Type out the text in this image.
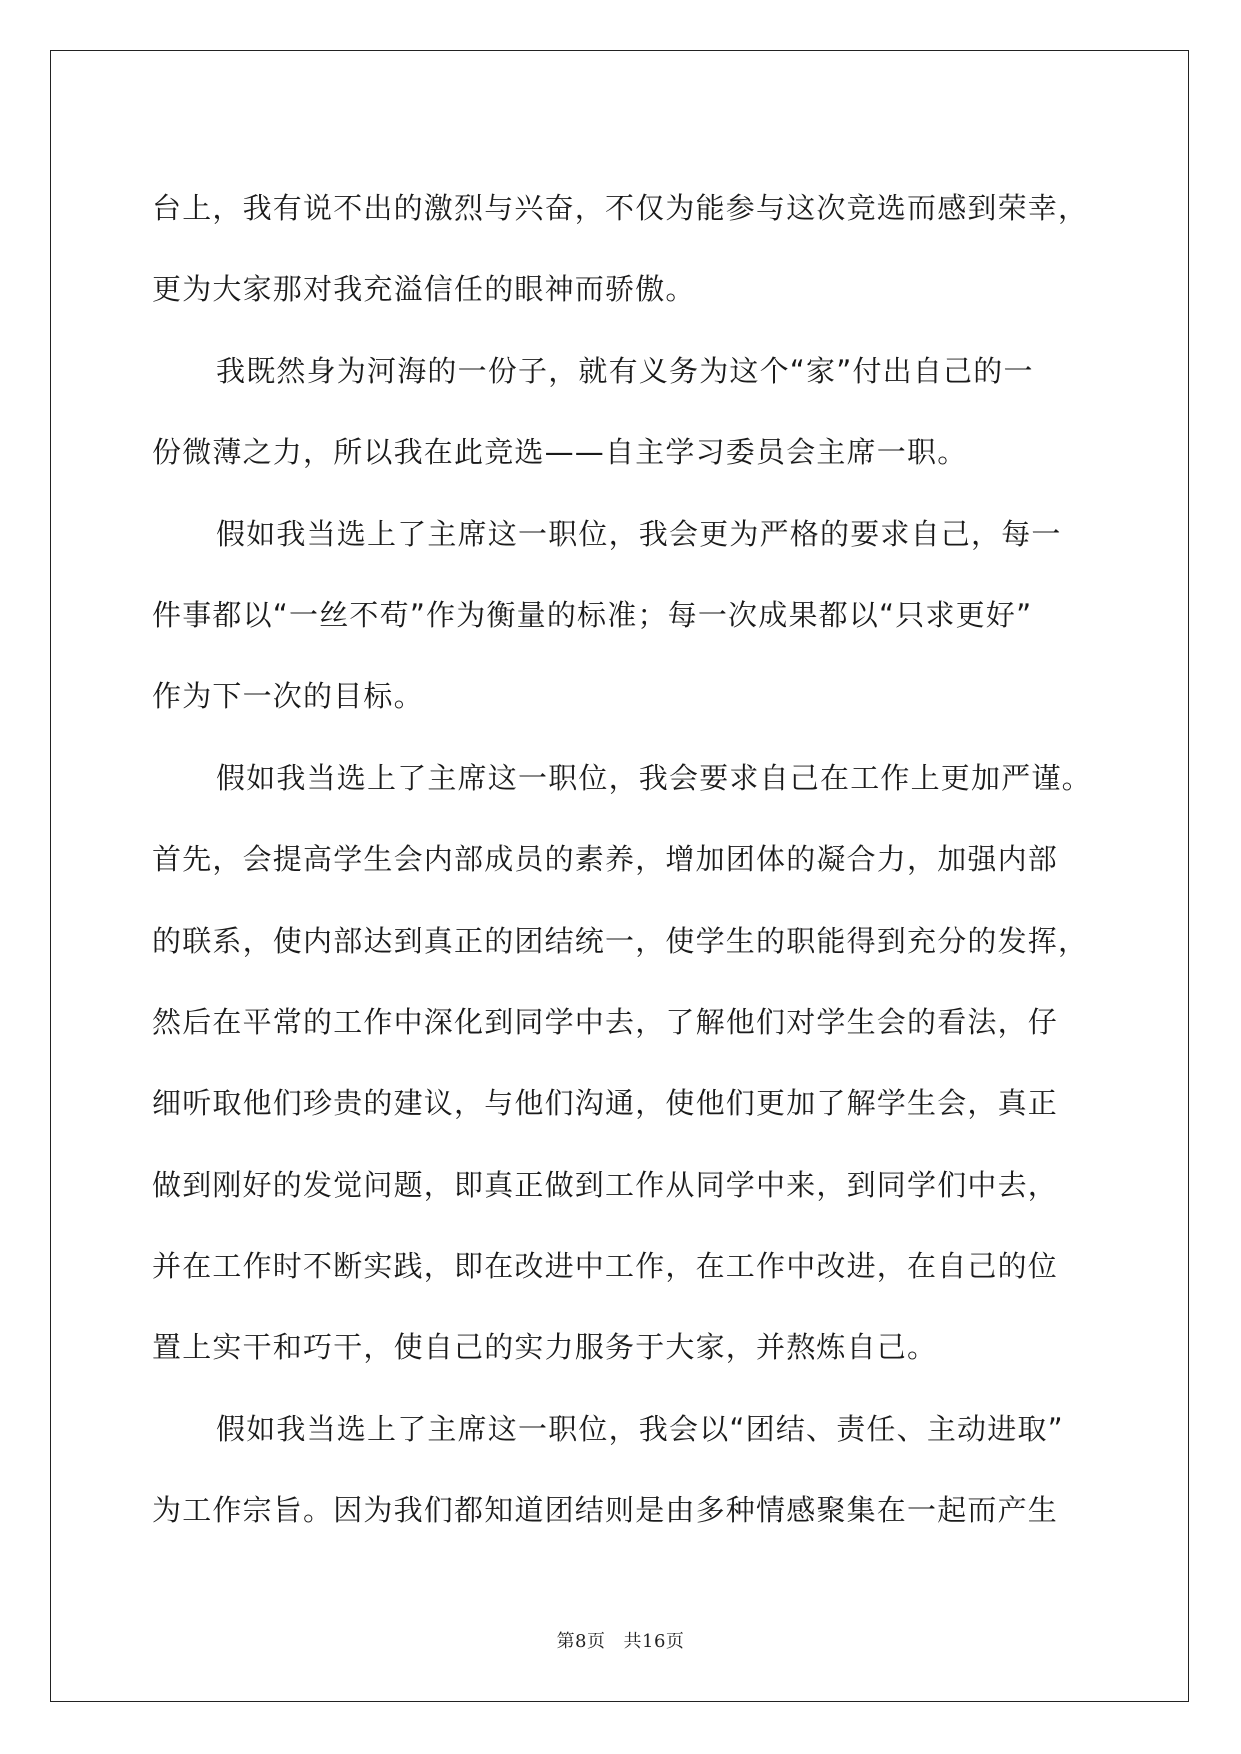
台上，我有说不出的激烈与兴奋，不仅为能参与这次竞选而感到荣幸，
更为大家那对我充溢信任的眼神而骄傲。
我既然身为河海的一份子，就有义务为这个“家”付出自己的一
份微薄之力，所以我在此竞选——自主学习委员会主席一职。
假如我当选上了主席这一职位，我会更为严格的要求自己，每一
件事都以“一丝不苟”作为衡量的标准；每一次成果都以“只求更好”
作为下一次的目标。
假如我当选上了主席这一职位，我会要求自己在工作上更加严谨。
首先，会提高学生会内部成员的素养，增加团体的凝合力，加强内部
的联系，使内部达到真正的团结统一，使学生的职能得到充分的发挥，
然后在平常的工作中深化到同学中去，了解他们对学生会的看法，仔
细听取他们珍贵的建议，与他们沟通，使他们更加了解学生会，真正
做到刚好的发觉问题，即真正做到工作从同学中来，到同学们中去，
并在工作时不断实践，即在改进中工作，在工作中改进，在自己的位
置上实干和巧干，使自己的实力服务于大家，并熬炼自己。
假如我当选上了主席这一职位，我会以“团结、责任、主动进取”
为工作宗旨。因为我们都知道团结则是由多种情感聚集在一起而产生
第8页 共16页
